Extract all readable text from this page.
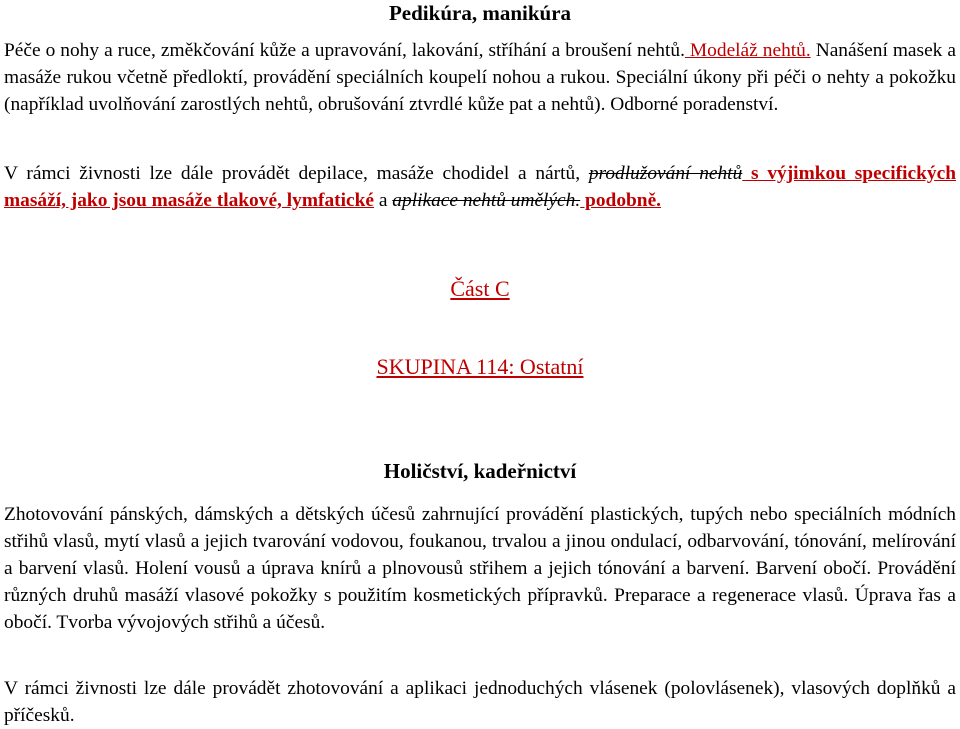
Pedikúra, manikúra

Péče o nohy a ruce, změkčování kůže a upravování, lakování, stříhání a broušení nehtů. Modeláž nehtů. Nanášení masek a masáže rukou včetně předloktí, provádění speciálních koupelí nohou a rukou. Speciální úkony při péči o nehty a pokožku (například uvolňování zarostlých nehtů, obrušování ztvrdlé kůže pat a nehtů). Odborné poradenství.

V rámci živnosti lze dále provádět depilace, masáže chodidel a nártů, prodlužování nehtů s výjimkou specifických masáží, jako jsou masáže tlakové, lymfatické a aplikace nehtů umělých. podobně.

Část C
SKUPINA 114: Ostatní
Holičství, kadeřnictví

Zhotovování pánských, dámských a dětských účesů zahrnující provádění plastických, tupých nebo speciálních módních střihů vlasů, mytí vlasů a jejich tvarování vodovou, foukanou, trvalou a jinou ondulací, odbarvování, tónování, melírování a barvení vlasů. Holení vousů a úprava knírů a plnovousů střihem a jejich tónování a barvení. Barvení obočí. Provádění různých druhů masáží vlasové pokožky s použitím kosmetických přípravků. Preparace a regenerace vlasů. Úprava řas a obočí. Tvorba vývojových střihů a účesů.

V rámci živnosti lze dále provádět zhotovování a aplikaci jednoduchých vlásenek (polovlásenek), vlasových doplňků a příčesků.
